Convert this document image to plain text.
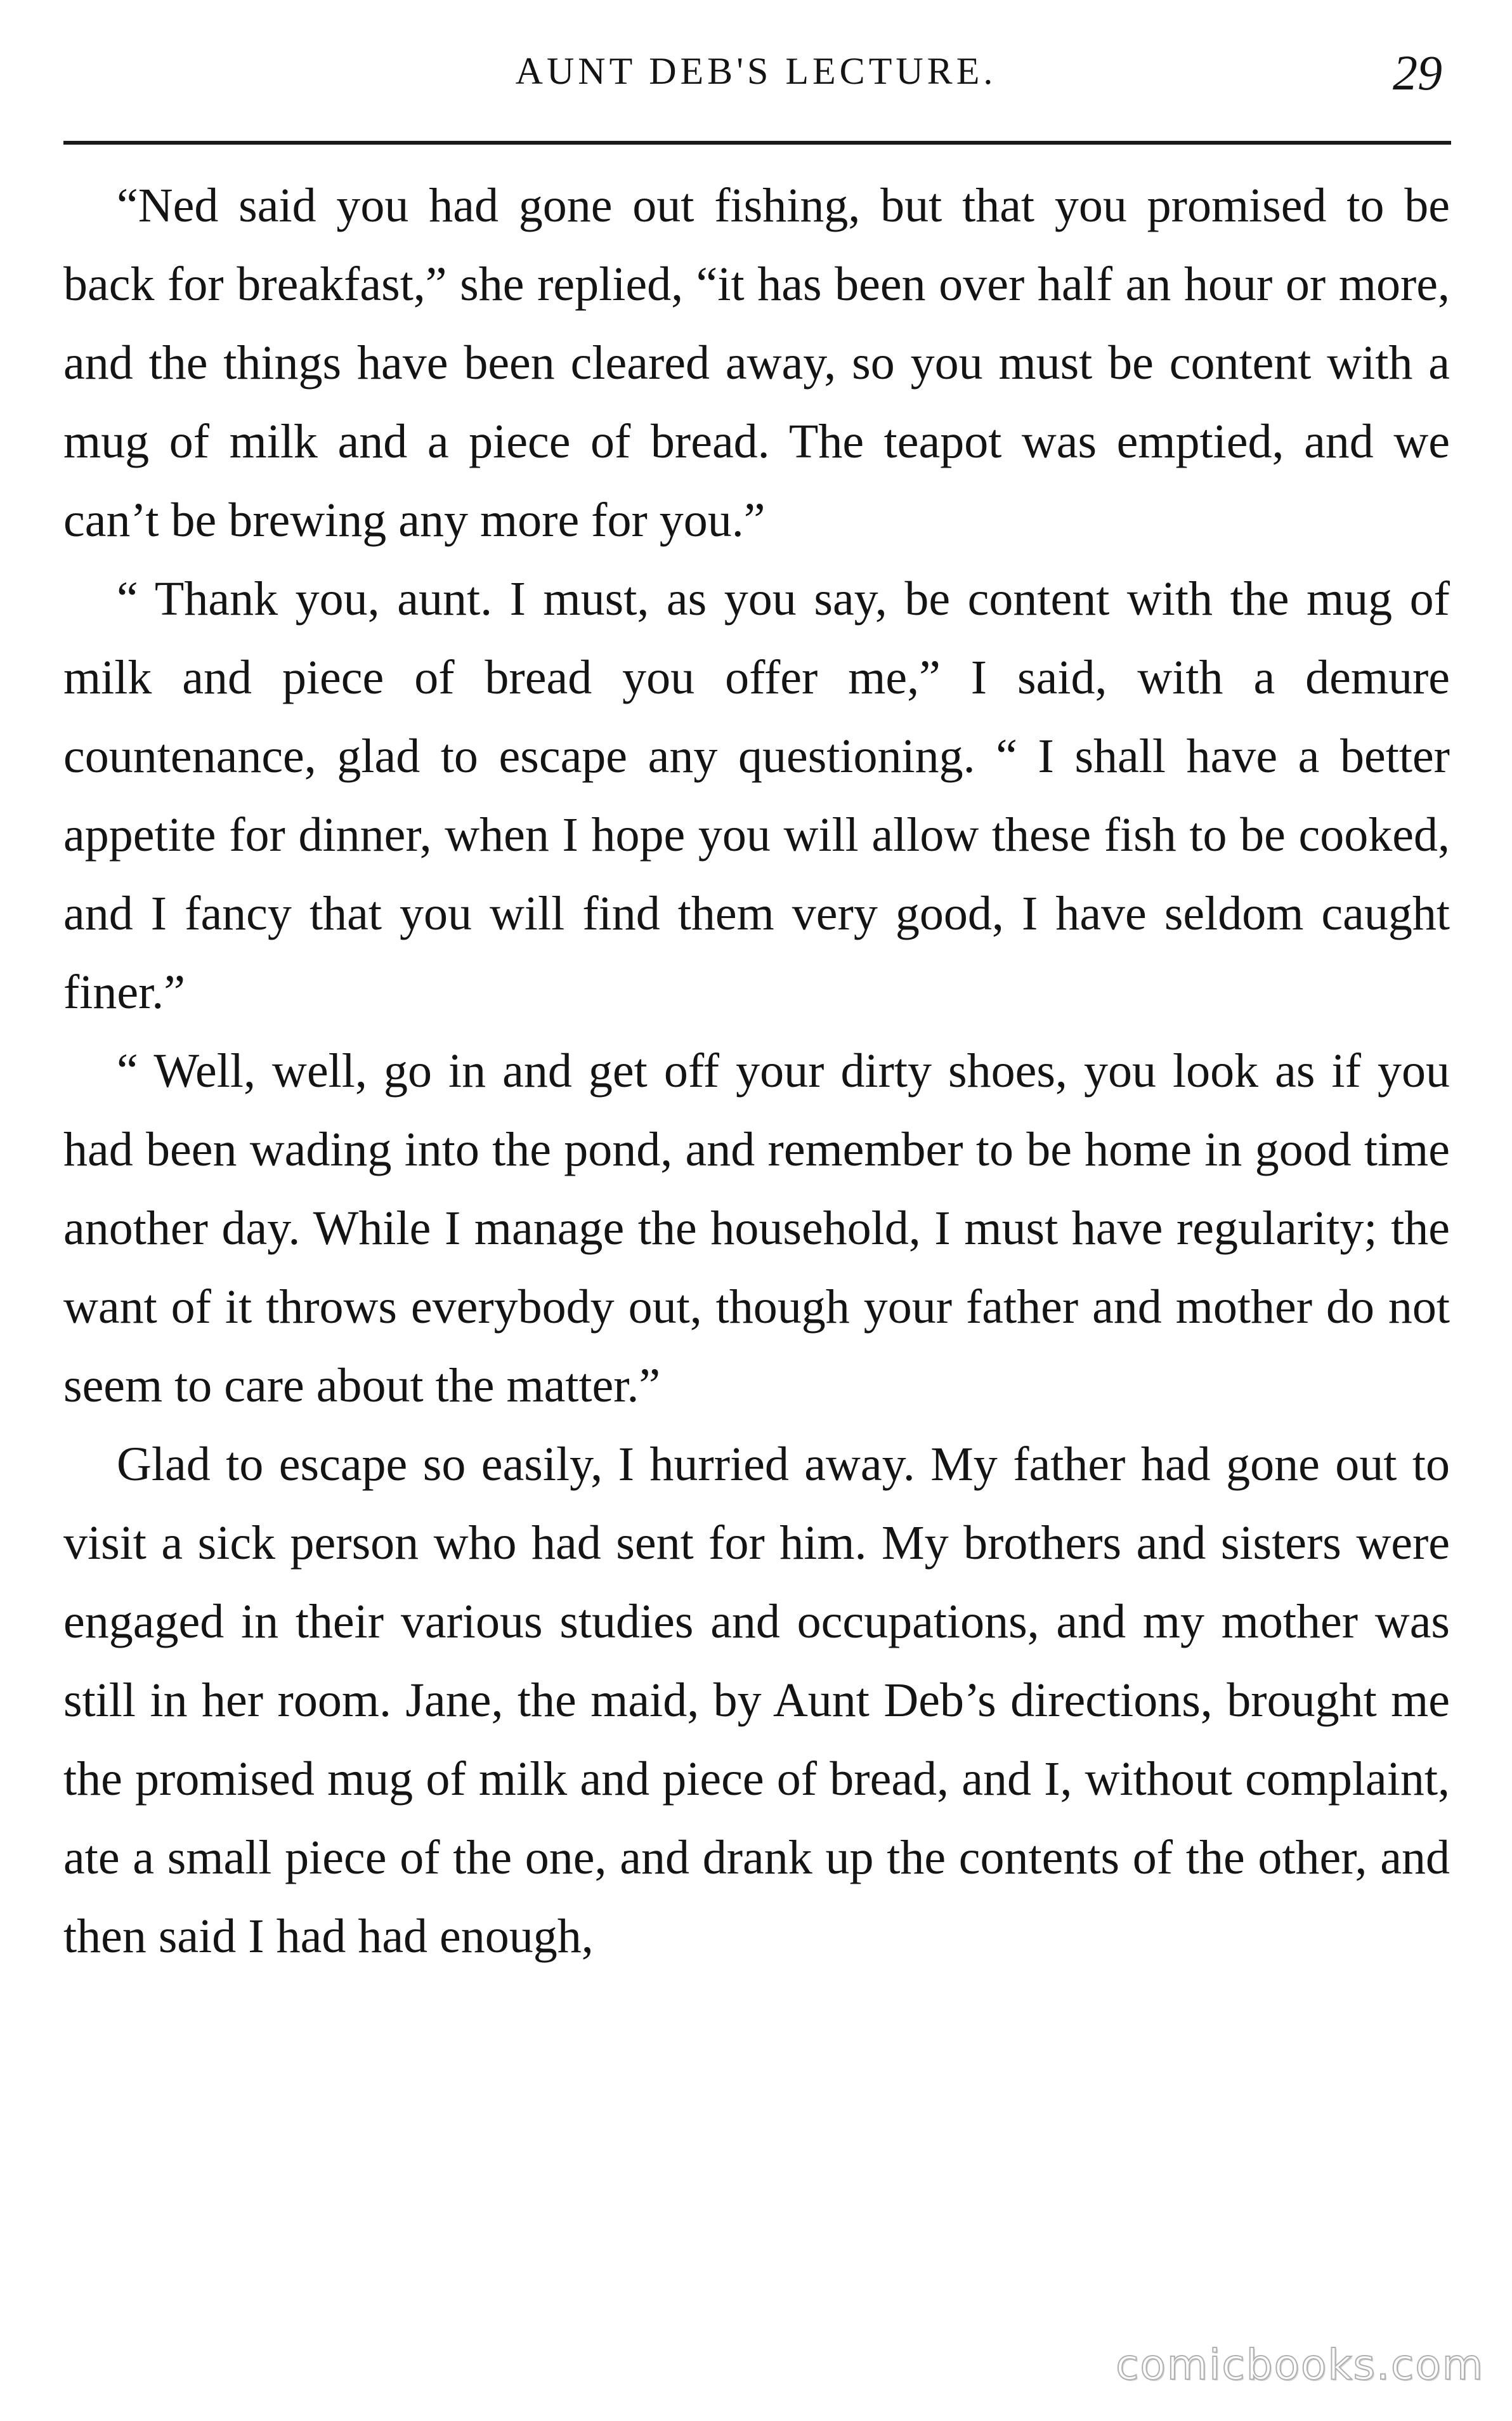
AUNT DEB'S LECTURE.	29

“Ned said you had gone out fishing, but that you promised to be back for breakfast,” she replied, “it has been over half an hour or more, and the things have been cleared away, so you must be content with a mug of milk and a piece of bread. The teapot was emptied, and we can’t be brewing any more for you.”

“ Thank you, aunt. I must, as you say, be content with the mug of milk and piece of bread you offer me,” I said, with a demure countenance, glad to escape any questioning. “ I shall have a better appetite for dinner, when I hope you will allow these fish to be cooked, and I fancy that you will find them very good, I have seldom caught finer.”

“ Well, well, go in and get off your dirty shoes, you look as if you had been wading into the pond, and remember to be home in good time another day. While I manage the household, I must have regularity; the want of it throws everybody out, though your father and mother do not seem to care about the matter.”

Glad to escape so easily, I hurried away. My father had gone out to visit a sick person who had sent for him. My brothers and sisters were engaged in their various studies and occupations, and my mother was still in her room. Jane, the maid, by Aunt Deb’s directions, brought me the promised mug of milk and piece of bread, and I, without complaint, ate a small piece of the one, and drank up the contents of the other, and then said I had had enough,

comicbooks.com
